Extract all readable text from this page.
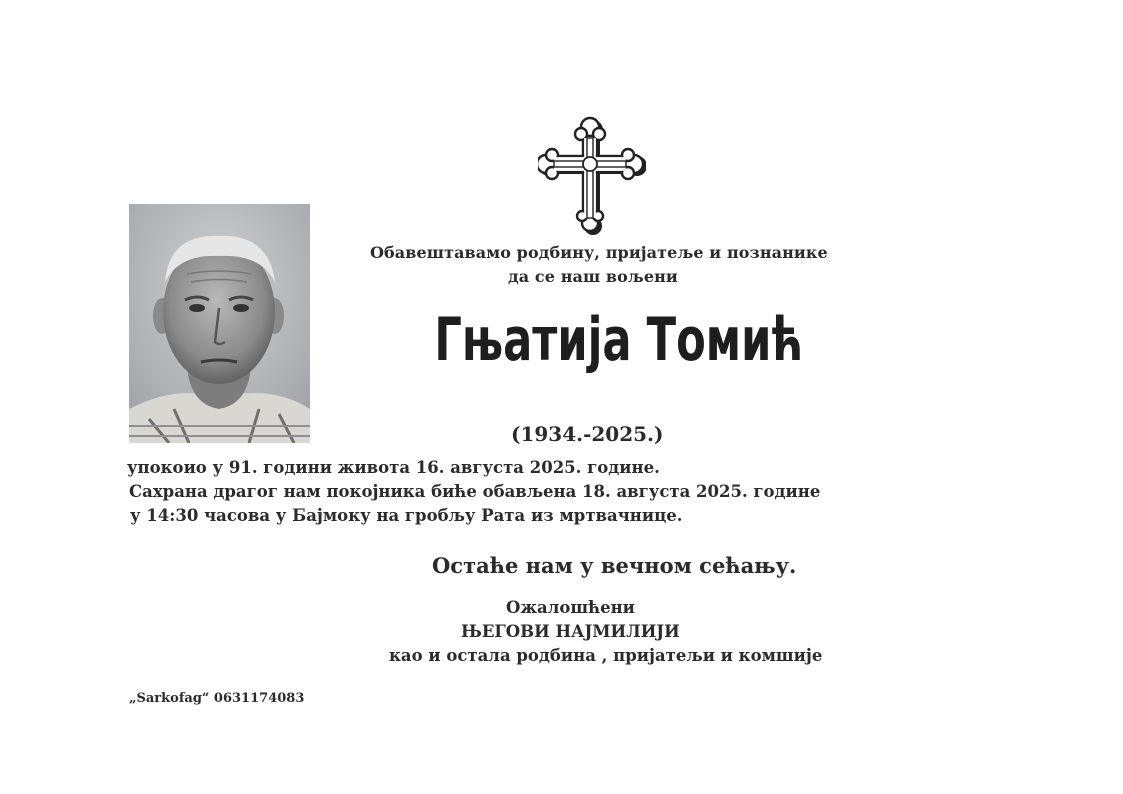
Обавештавамо родбину, пријатеље и познанике
да се наш вољени
Гњатија Томић
(1934.-2025.)
упокоио у 91. години живота 16. августа 2025. године.
Сахрана драгог нам покојника биће обављена 18. августа 2025. године
у 14:30 часова у Бајмоку на гробљу Рата из мртвачнице.
Остаће нам у вечном сећању.
Ожалошћени
ЊЕГОВИ НАЈМИЛИЈИ
као и остала родбина , пријатељи и комшије
„Sarkofag“ 0631174083
